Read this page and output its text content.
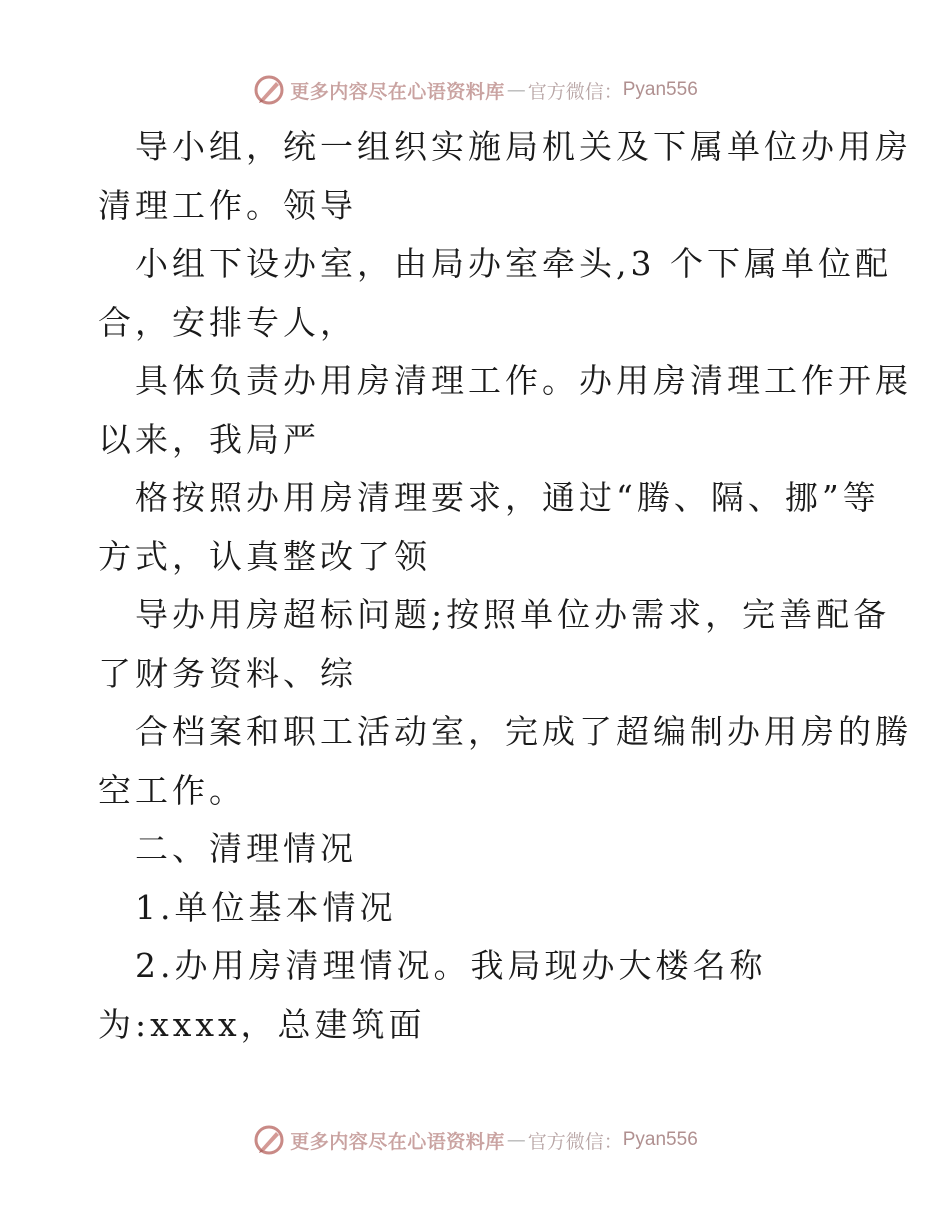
更多内容尽在心语资料库 — 官方微信： Pyan556

导小组，统一组织实施局机关及下属单位办用房

清理工作。领导

小组下设办室，由局办室牵头,3 个下属单位配

合，安排专人，

具体负责办用房清理工作。办用房清理工作开展

以来，我局严

格按照办用房清理要求，通过“腾、隔、挪”等

方式，认真整改了领

导办用房超标问题;按照单位办需求，完善配备

了财务资料、综

合档案和职工活动室，完成了超编制办用房的腾

空工作。

二、清理情况

1.单位基本情况

2.办用房清理情况。我局现办大楼名称

为:xxxx，总建筑面

更多内容尽在心语资料库 — 官方微信： Pyan556
